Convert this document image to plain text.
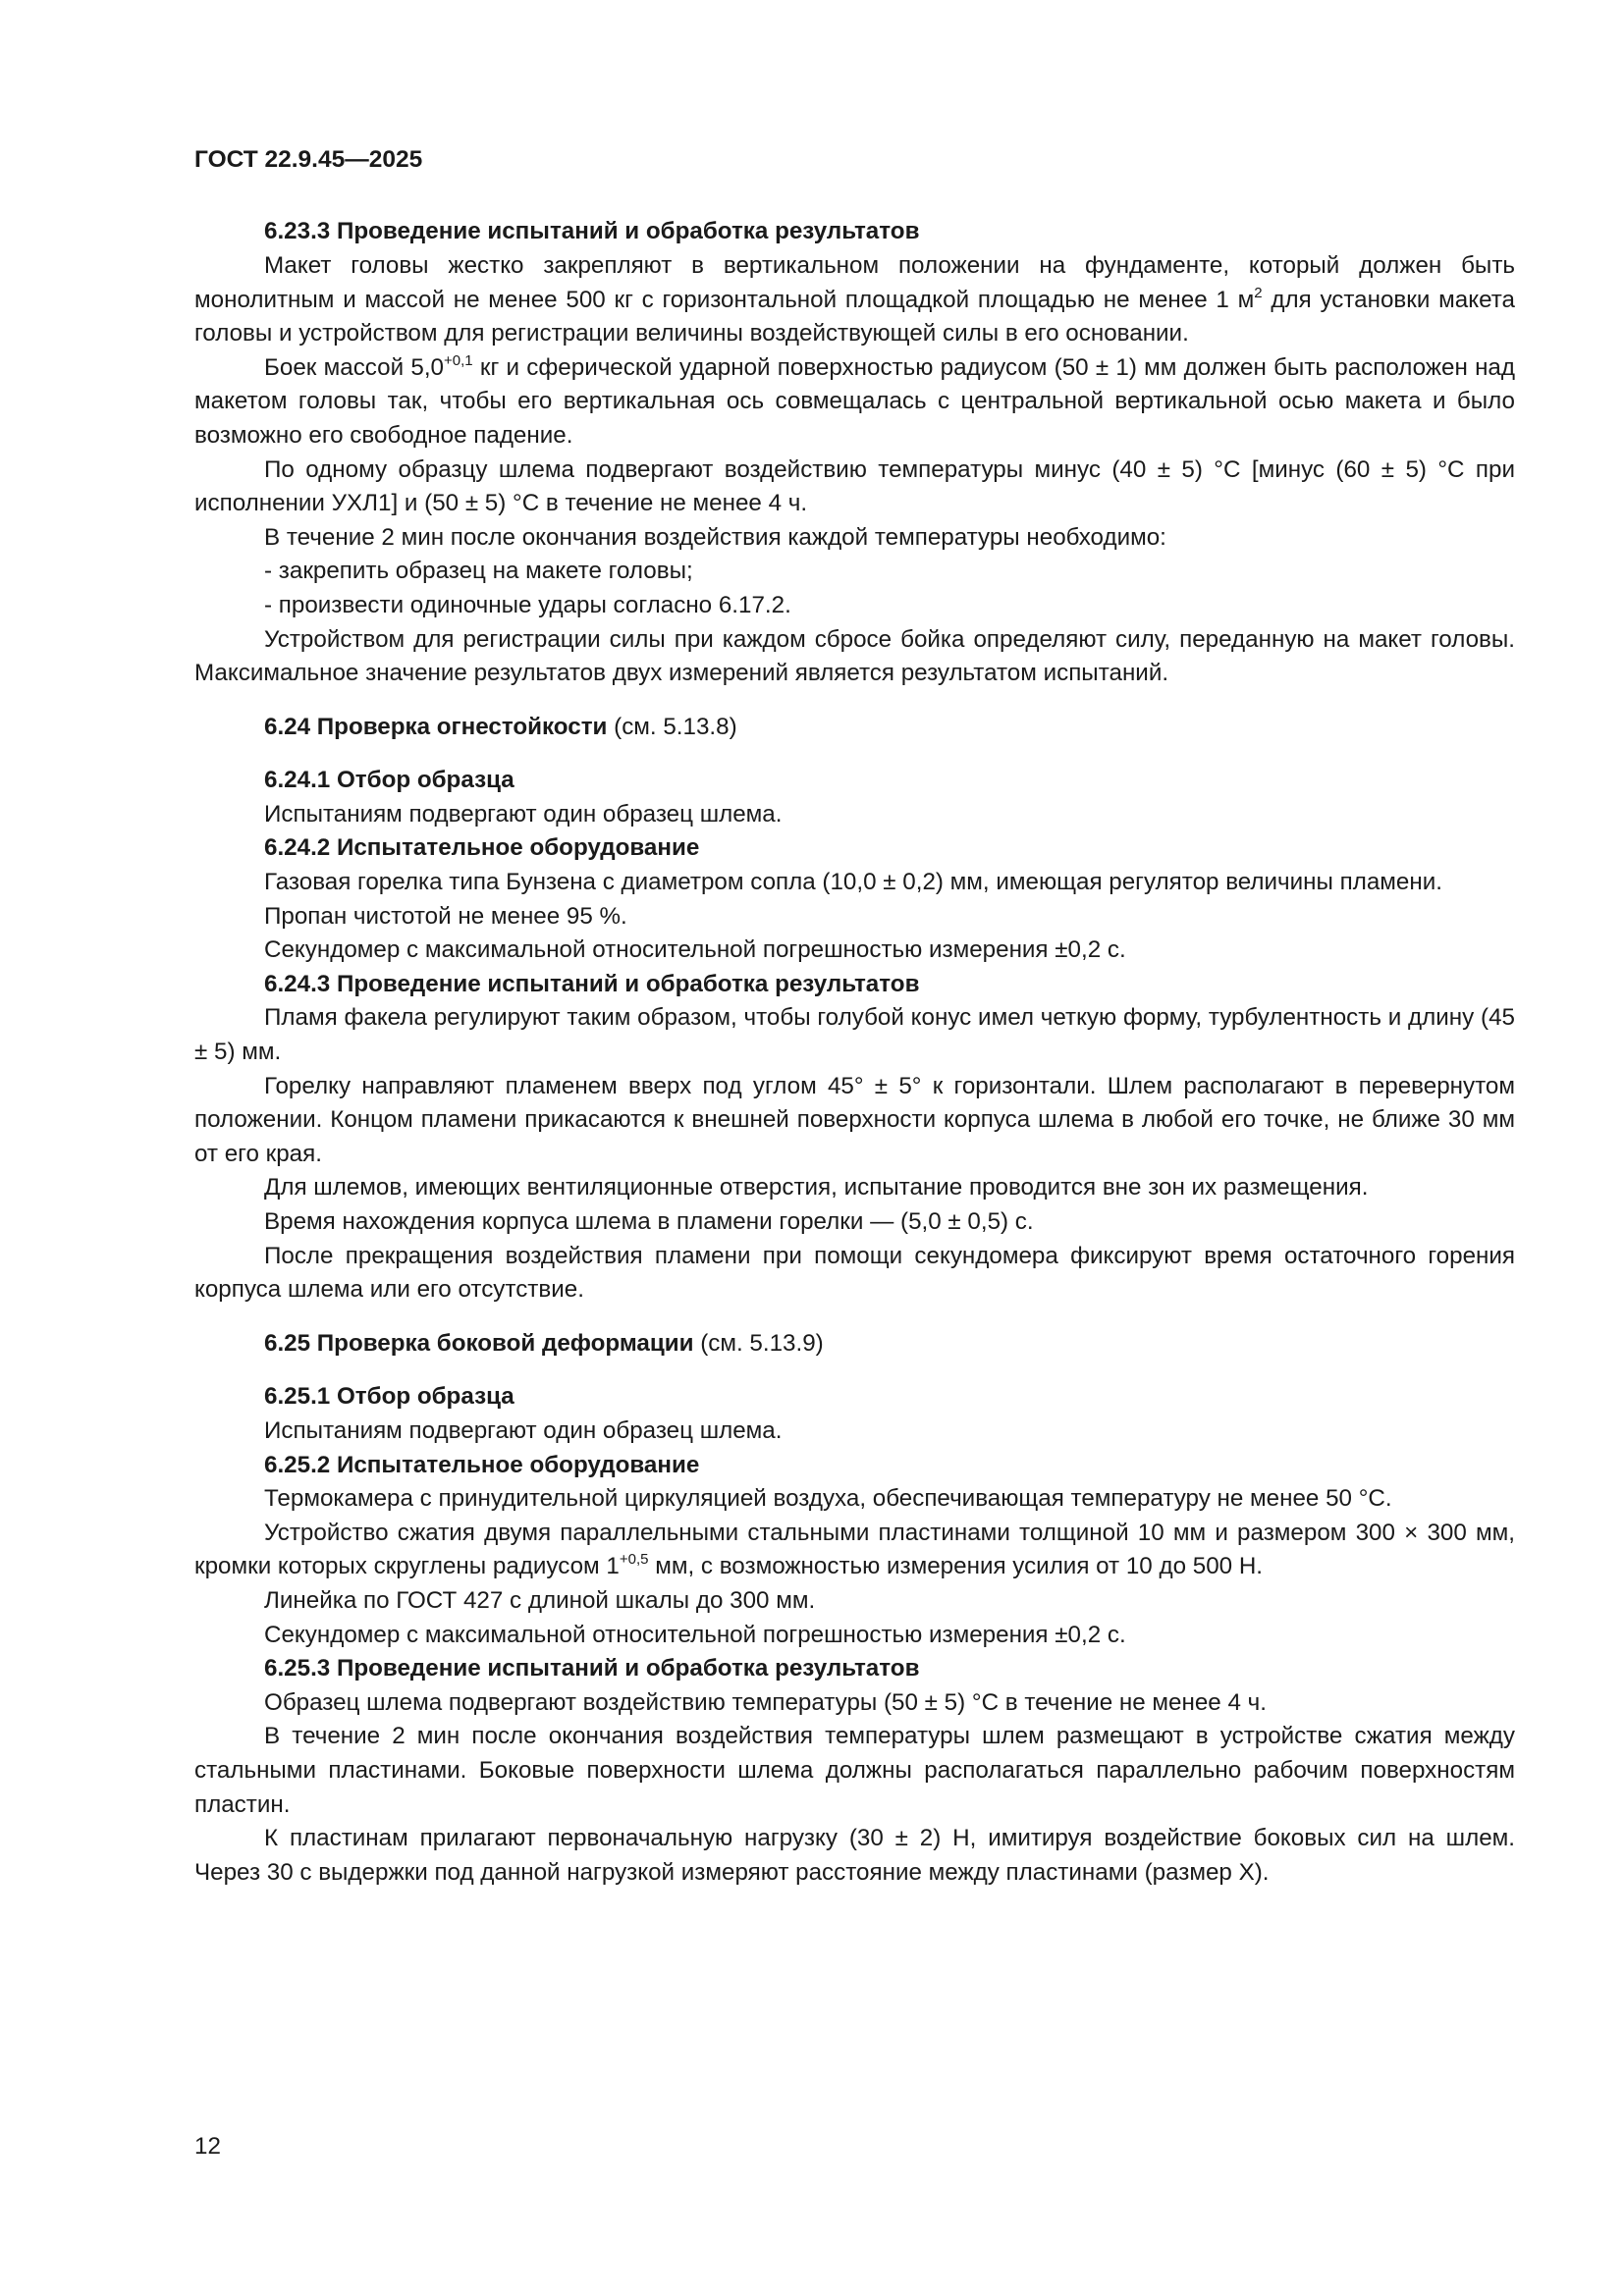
ГОСТ 22.9.45—2025
6.23.3 Проведение испытаний и обработка результатов

Макет головы жестко закрепляют в вертикальном положении на фундаменте, который должен быть монолитным и массой не менее 500 кг с горизонтальной площадкой площадью не менее 1 $м^2$ для установки макета головы и устройством для регистрации величины воздействующей силы в его основании.

Боек массой $5,0^{+0,1}$ кг и сферической ударной поверхностью радиусом (50 ± 1) мм должен быть расположен над макетом головы так, чтобы его вертикальная ось совмещалась с центральной вертикальной осью макета и было возможно его свободное падение.

По одному образцу шлема подвергают воздействию температуры минус (40 ± 5) °С [минус (60 ± 5) °С при исполнении УХЛ1] и (50 ± 5) °С в течение не менее 4 ч.

В течение 2 мин после окончания воздействия каждой температуры необходимо:

- закрепить образец на макете головы;

- произвести одиночные удары согласно 6.17.2.

Устройством для регистрации силы при каждом сбросе бойка определяют силу, переданную на макет головы. Максимальное значение результатов двух измерений является результатом испытаний.

6.24 Проверка огнестойкости (см. 5.13.8)
6.24.1 Отбор образца

Испытаниям подвергают один образец шлема.

6.24.2 Испытательное оборудование

Газовая горелка типа Бунзена с диаметром сопла (10,0 ± 0,2) мм, имеющая регулятор величины пламени.

Пропан чистотой не менее 95 %.

Секундомер с максимальной относительной погрешностью измерения ±0,2 с.

6.24.3 Проведение испытаний и обработка результатов

Пламя факела регулируют таким образом, чтобы голубой конус имел четкую форму, турбулентность и длину (45 ± 5) мм.

Горелку направляют пламенем вверх под углом 45° ± 5° к горизонтали. Шлем располагают в перевернутом положении. Концом пламени прикасаются к внешней поверхности корпуса шлема в любой его точке, не ближе 30 мм от его края.

Для шлемов, имеющих вентиляционные отверстия, испытание проводится вне зон их размещения.

Время нахождения корпуса шлема в пламени горелки — (5,0 ± 0,5) с.

После прекращения воздействия пламени при помощи секундомера фиксируют время остаточного горения корпуса шлема или его отсутствие.

6.25 Проверка боковой деформации (см. 5.13.9)
6.25.1 Отбор образца

Испытаниям подвергают один образец шлема.

6.25.2 Испытательное оборудование

Термокамера с принудительной циркуляцией воздуха, обеспечивающая температуру не менее 50 °С.

Устройство сжатия двумя параллельными стальными пластинами толщиной 10 мм и размером 300 × 300 мм, кромки которых скруглены радиусом $1^{+0,5}$ мм, с возможностью измерения усилия от 10 до 500 Н.

Линейка по ГОСТ 427 с длиной шкалы до 300 мм.

Секундомер с максимальной относительной погрешностью измерения ±0,2 с.

6.25.3 Проведение испытаний и обработка результатов

Образец шлема подвергают воздействию температуры (50 ± 5) °С в течение не менее 4 ч.

В течение 2 мин после окончания воздействия температуры шлем размещают в устройстве сжатия между стальными пластинами. Боковые поверхности шлема должны располагаться параллельно рабочим поверхностям пластин.

К пластинам прилагают первоначальную нагрузку (30 ± 2) Н, имитируя воздействие боковых сил на шлем. Через 30 с выдержки под данной нагрузкой измеряют расстояние между пластинами (размер X).

12
